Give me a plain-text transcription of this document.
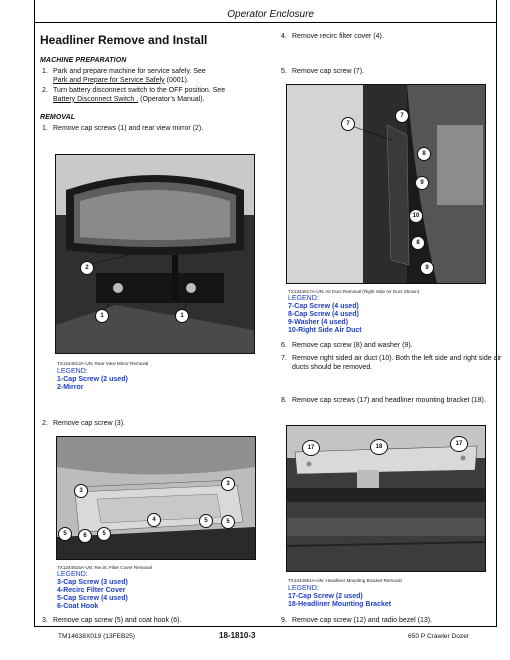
Operator Enclosure
Headliner Remove and Install
MACHINE PREPARATION
1. Park and prepare machine for service safely. See
Park and Prepare for Service Safely (0001).
2. Turn battery disconnect switch to the OFF position. See
Battery Disconnect Switch . (Operator’s Manual).
REMOVAL
1. Remove cap screws (1) and rear view mirror (2).
2
1	1
TX1344613A-UN: Rear View Mirror Removal
LEGEND:
1-Cap Screw (2 used)
2-Mirror
2. Remove cap screw (3).
3
3
4	5
5	6	5
5
TX1344615A-UN: Recirc Filter Cover Removal
LEGEND:
3-Cap Screw (3 used)
4-Recirc Filter Cover
5-Cap Screw (4 used)
6-Coat Hook
3. Remove cap screw (5) and coat hook (6).
4. Remove recirc filter cover (4).
5. Remove cap screw (7).
7
7
8
9
10
8
9
TX1344617A-UN: Air Duct Removal (Right Side Air Duct Shown)
LEGEND:
7-Cap Screw (4 used)
8-Cap Screw (4 used)
9-Washer (4 used)
10-Right Side Air Duct
6. Remove cap screw (8) and washer (9).
7. Remove right sided air duct (10). Both the left side and right side air ducts should be removed.
8. Remove cap screws (17) and headliner mounting bracket (18).
17	18	17
TX1344661A-UN: Headliner Mounting Bracket Removal
LEGEND:
17-Cap Screw (2 used)
18-Headliner Mounting Bracket
9. Remove cap screw (12) and radio bezel (13).
TM14638X019 (13FEB25)	18-1810-3	650 P Crawler Dozer
